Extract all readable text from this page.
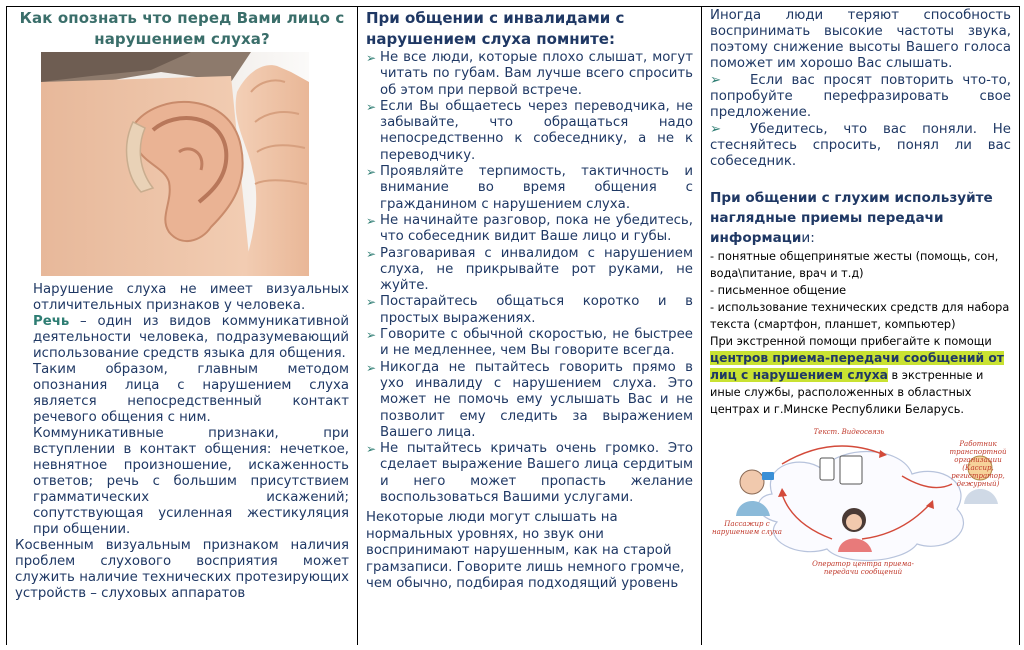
Как опознать что перед Вами лицо с нарушением слуха?
Нарушение слуха не имеет визуальных отличительных признаков у человека.
Речь – один из видов коммуникативной деятельности человека, подразумевающий использование средств языка для общения.
Таким образом, главным методом опознания лица с нарушением слуха является непосредственный контакт речевого общения с ним.
Коммуникативные признаки, при вступлении в контакт общения: нечеткое, невнятное произношение, искаженность ответов; речь с большим присутствием грамматических искажений; сопутствующая усиленная жестикуляция при общении.
Косвенным визуальным признаком наличия проблем слухового восприятия может служить наличие технических протезирующих устройств – слуховых аппаратов
При общении с инвалидами с нарушением слуха помните:
➢ Не все люди, которые плохо слышат, могут читать по губам. Вам лучше всего спросить об этом при первой встрече.
➢ Если Вы общаетесь через переводчика, не забывайте, что обращаться надо непосредственно к собеседнику, а не к переводчику.
➢ Проявляйте терпимость, тактичность и внимание во время общения с гражданином с нарушением слуха.
➢ Не начинайте разговор, пока не убедитесь, что собеседник видит Ваше лицо и губы.
➢ Разговаривая с инвалидом с нарушением слуха, не прикрывайте рот руками, не жуйте.
➢ Постарайтесь общаться коротко и в простых выражениях.
➢ Говорите с обычной скоростью, не быстрее и не медленнее, чем Вы говорите всегда.
➢ Никогда не пытайтесь говорить прямо в ухо инвалиду с нарушением слуха. Это может не помочь ему услышать Вас и не позволит ему следить за выражением Вашего лица.
➢ Не пытайтесь кричать очень громко. Это сделает выражение Вашего лица сердитым и него может пропасть желание воспользоваться Вашими услугами.
Некоторые люди могут слышать на нормальных уровнях, но звук они воспринимают нарушенным, как на старой грамзаписи. Говорите лишь немного громче, чем обычно, подбирая подходящий уровень
Иногда люди теряют способность воспринимать высокие частоты звука, поэтому снижение высоты Вашего голоса поможет им хорошо Вас слышать.
➢ Если вас просят повторить что-то, попробуйте перефразировать свое предложение.
➢ Убедитесь, что вас поняли. Не стесняйтесь спросить, понял ли вас собеседник.
При общении с глухим используйте наглядные приемы передачи информации:
- понятные общепринятые жесты (помощь, сон, вода\питание, врач и т.д)
- письменное общение
- использование технических средств для набора текста (смартфон, планшет, компьютер)
При экстренной помощи прибегайте к помощи центров приема-передачи сообщений от лиц с нарушением слуха в экстренные и иные службы, расположенных в областных центрах и г.Минске Республики Беларусь.
Текст. Видеосвязь
Пассажир с нарушением слуха
Работник транспортной организации (Кассир, регистратор, дежурный)
Оператор центра приема-передачи сообщений
